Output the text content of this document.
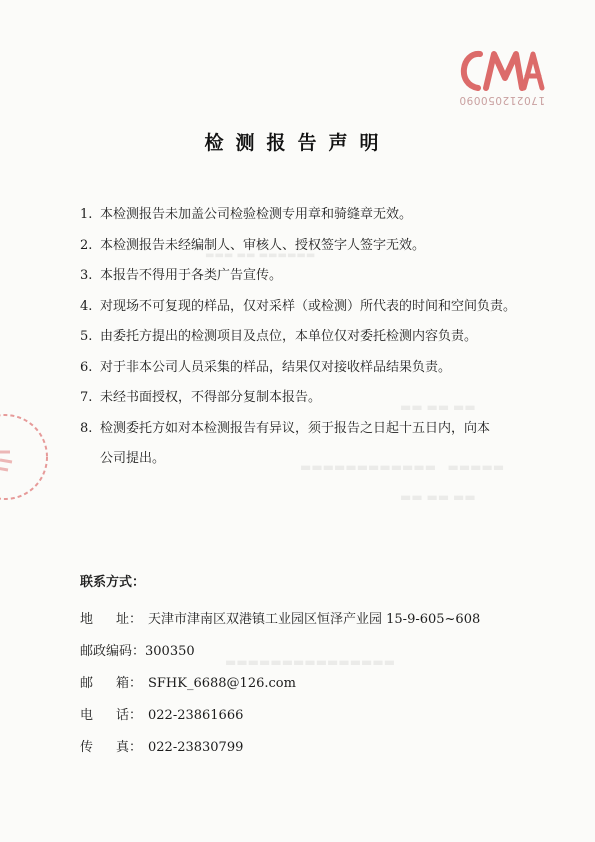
▬▬▬ ▬▬ ▬▬▬▬▬▬
▬▬ ▬▬ ▬▬
▬▬▬▬▬▬▬▬▬▬▬▬   ▬▬▬▬▬
▬▬ ▬▬ ▬▬
▬▬▬▬▬▬▬▬▬▬▬▬▬▬▬
MA
170212050090
检测报告声明
1. 本检测报告未加盖公司检验检测专用章和骑缝章无效。
2. 本检测报告未经编制人、审核人、授权签字人签字无效。
3. 本报告不得用于各类广告宣传。
4. 对现场不可复现的样品，仅对采样（或检测）所代表的时间和空间负责。
5. 由委托方提出的检测项目及点位，本单位仅对委托检测内容负责。
6. 对于非本公司人员采集的样品，结果仅对接收样品结果负责。
7. 未经书面授权，不得部分复制本报告。
8. 检测委托方如对本检测报告有异议，须于报告之日起十五日内，向本
公司提出。
联系方式：
地 址： 天津市津南区双港镇工业园区恒泽产业园 15-9-605~608
邮政编码：300350
邮 箱： SFHK_6688@126.com
电 话： 022-23861666
传 真： 022-23830799
